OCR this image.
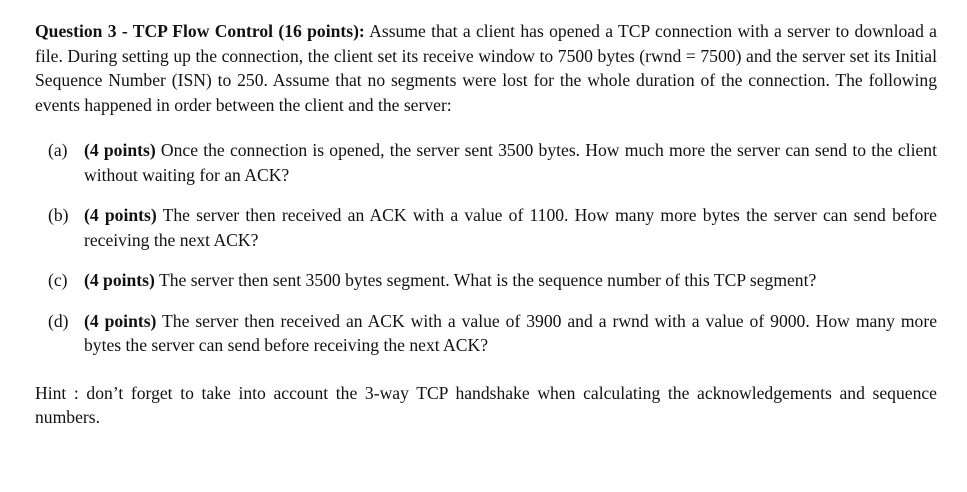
Question 3 - TCP Flow Control (16 points): Assume that a client has opened a TCP connection with a server to download a file. During setting up the connection, the client set its receive window to 7500 bytes (rwnd = 7500) and the server set its Initial Sequence Number (ISN) to 250. Assume that no segments were lost for the whole duration of the connection. The following events happened in order between the client and the server:

(a) (4 points) Once the connection is opened, the server sent 3500 bytes. How much more the server can send to the client without waiting for an ACK?
(b) (4 points) The server then received an ACK with a value of 1100. How many more bytes the server can send before receiving the next ACK?
(c) (4 points) The server then sent 3500 bytes segment. What is the sequence number of this TCP segment?
(d) (4 points) The server then received an ACK with a value of 3900 and a rwnd with a value of 9000. How many more bytes the server can send before receiving the next ACK?

Hint : don’t forget to take into account the 3-way TCP handshake when calculating the acknowledgements and sequence numbers.
